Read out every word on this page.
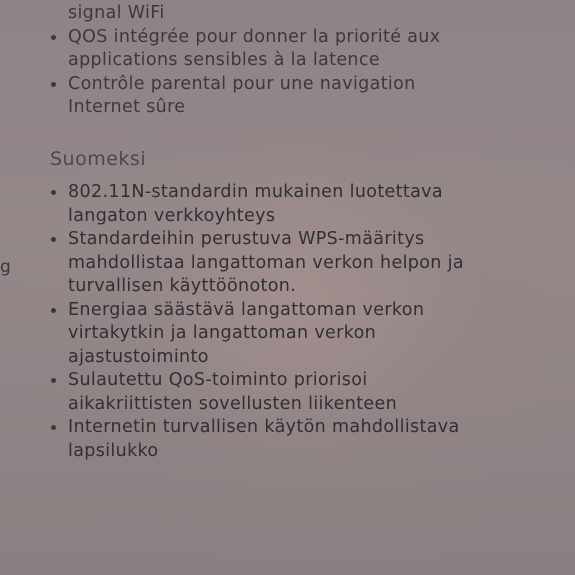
signal WiFi
QOS intégrée pour donner la priorité aux
applications sensibles à la latence
Contrôle parental pour une navigation
Internet sûre
Suomeksi
802.11N-standardin mukainen luotettava
langaton verkkoyhteys
Standardeihin perustuva WPS-määritys
mahdollistaa langattoman verkon helpon ja
turvallisen käyttöönoton.
Energiaa säästävä langattoman verkon
virtakytkin ja langattoman verkon
ajastustoiminto
Sulautettu QoS-toiminto priorisoi
aikakriittisten sovellusten liikenteen
Internetin turvallisen käytön mahdollistava
lapsilukko
g
